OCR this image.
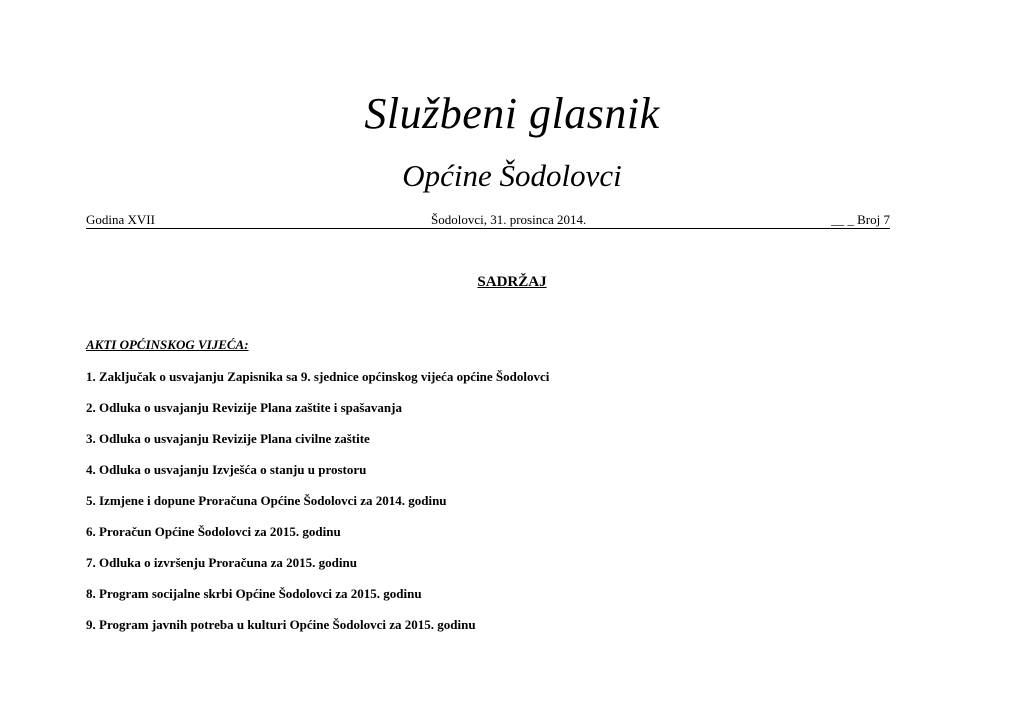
Službeni glasnik
Općine Šodolovci
Godina XVII	Šodolovci, 31. prosinca 2014.	__ _ Broj 7
SADRŽAJ
AKTI OPĆINSKOG VIJEĆA:
1. Zaključak o usvajanju Zapisnika sa 9. sjednice općinskog vijeća općine Šodolovci
2. Odluka o usvajanju Revizije Plana zaštite i spašavanja
3. Odluka o usvajanju Revizije Plana civilne zaštite
4. Odluka o usvajanju Izvješća o stanju u prostoru
5. Izmjene i dopune Proračuna Općine Šodolovci za 2014. godinu
6. Proračun Općine Šodolovci za 2015. godinu
7. Odluka o izvršenju Proračuna za 2015. godinu
8. Program socijalne skrbi Općine Šodolovci za 2015. godinu
9. Program javnih potreba u kulturi Općine Šodolovci za 2015. godinu
